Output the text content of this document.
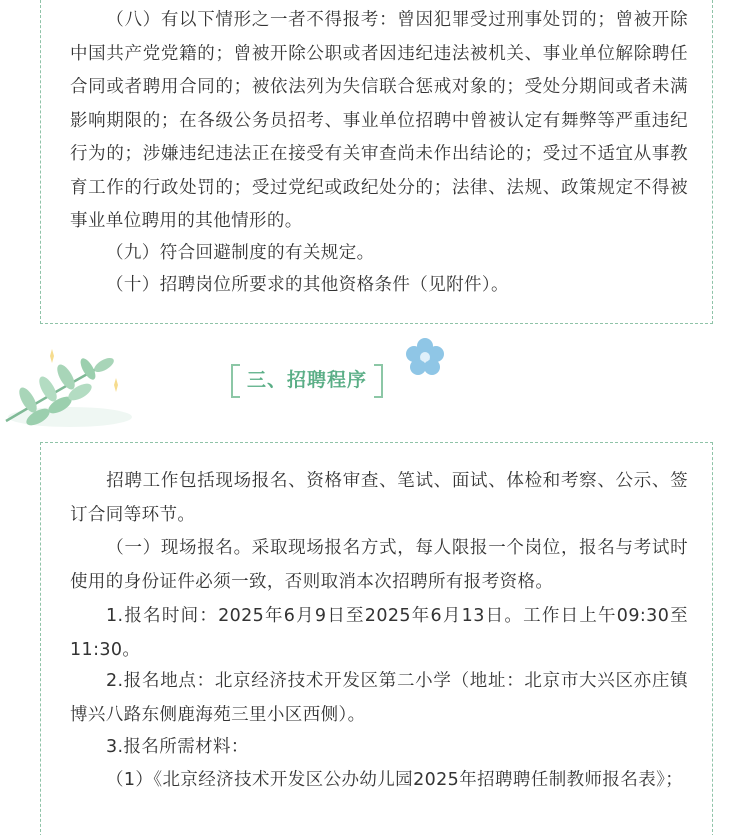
（八）有以下情形之一者不得报考：曾因犯罪受过刑事处罚的；曾被开除中国共产党党籍的；曾被开除公职或者因违纪违法被机关、事业单位解除聘任合同或者聘用合同的；被依法列为失信联合惩戒对象的；受处分期间或者未满影响期限的；在各级公务员招考、事业单位招聘中曾被认定有舞弊等严重违纪行为的；涉嫌违纪违法正在接受有关审查尚未作出结论的；受过不适宜从事教育工作的行政处罚的；受过党纪或政纪处分的；法律、法规、政策规定不得被事业单位聘用的其他情形的。

（九）符合回避制度的有关规定。

（十）招聘岗位所要求的其他资格条件（见附件）。

三、招聘程序

招聘工作包括现场报名、资格审查、笔试、面试、体检和考察、公示、签订合同等环节。

（一）现场报名。采取现场报名方式，每人限报一个岗位，报名与考试时使用的身份证件必须一致，否则取消本次招聘所有报考资格。

1.报名时间：2025年6月9日至2025年6月13日。工作日上午09:30至11:30。

2.报名地点：北京经济技术开发区第二小学（地址：北京市大兴区亦庄镇博兴八路东侧鹿海苑三里小区西侧）。

3.报名所需材料：

（1）《北京经济技术开发区公办幼儿园2025年招聘聘任制教师报名表》；
